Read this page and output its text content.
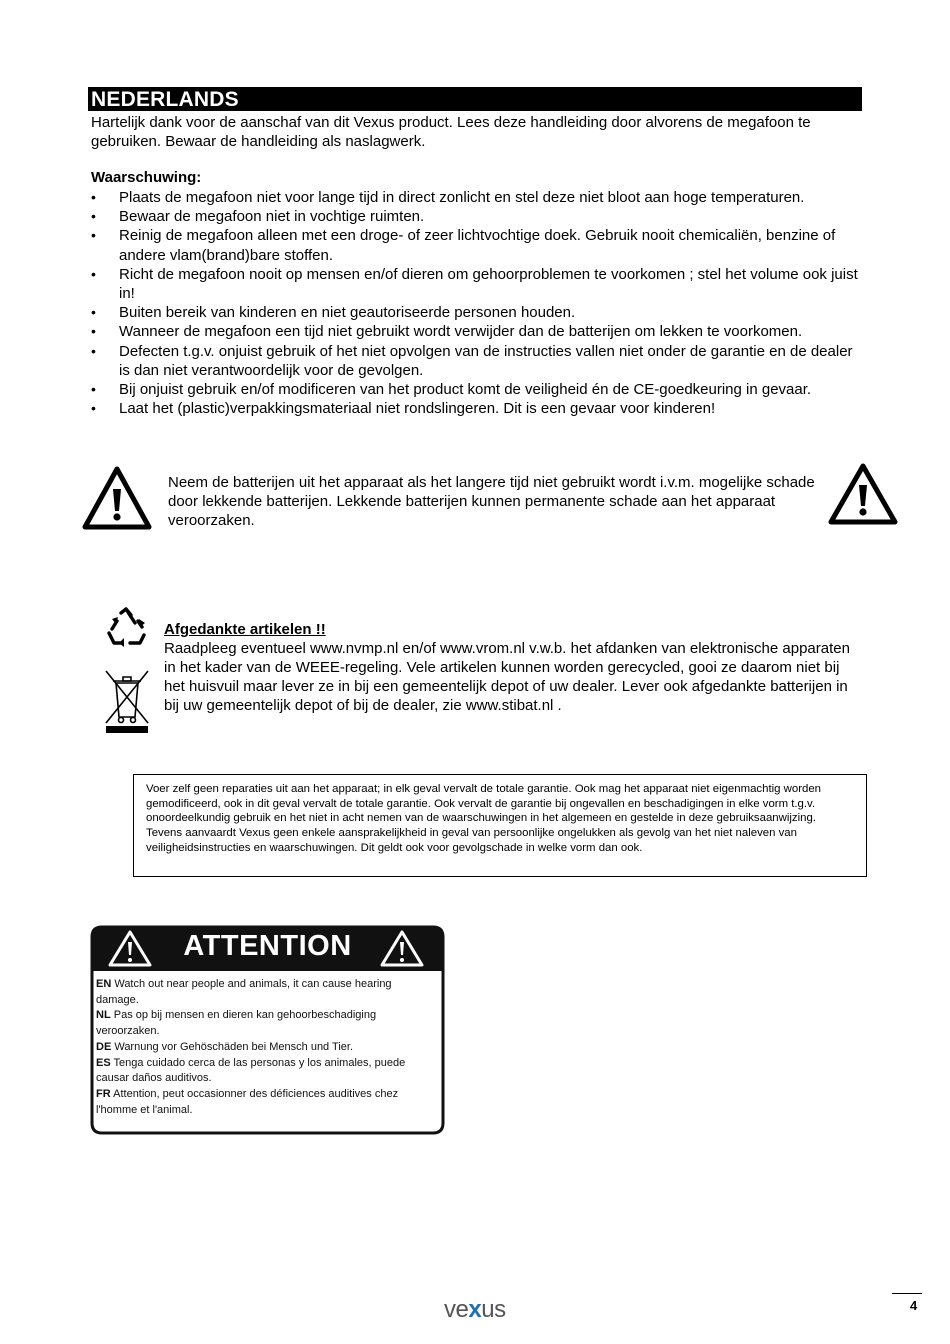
NEDERLANDS
Hartelijk dank voor de aanschaf van dit Vexus product. Lees deze handleiding door alvorens de megafoon te gebruiken. Bewaar de handleiding als naslagwerk.
Waarschuwing:
• Plaats de megafoon niet voor lange tijd in direct zonlicht en stel deze niet bloot aan hoge temperaturen.
• Bewaar de megafoon niet in vochtige ruimten.
• Reinig de megafoon alleen met een droge- of zeer lichtvochtige doek. Gebruik nooit chemicaliën, benzine of andere vlam(brand)bare stoffen.
• Richt de megafoon nooit op mensen en/of dieren om gehoorproblemen te voorkomen ; stel het volume ook juist in!
• Buiten bereik van kinderen en niet geautoriseerde personen houden.
• Wanneer de megafoon een tijd niet gebruikt wordt verwijder dan de batterijen om lekken te voorkomen.
• Defecten t.g.v. onjuist gebruik of het niet opvolgen van de instructies vallen niet onder de garantie en de dealer is dan niet verantwoordelijk voor de gevolgen.
• Bij onjuist gebruik en/of modificeren van het product komt de veiligheid én de CE-goedkeuring in gevaar.
• Laat het (plastic)verpakkingsmateriaal niet rondslingeren. Dit is een gevaar voor kinderen!
Neem de batterijen uit het apparaat als het langere tijd niet gebruikt wordt i.v.m. mogelijke schade door lekkende batterijen. Lekkende batterijen kunnen permanente schade aan het apparaat veroorzaken.
Afgedankte artikelen !!
Raadpleeg eventueel www.nvmp.nl en/of www.vrom.nl v.w.b. het afdanken van elektronische apparaten in het kader van de WEEE-regeling. Vele artikelen kunnen worden gerecycled, gooi ze daarom niet bij het huisvuil maar lever ze in bij een gemeentelijk depot of uw dealer. Lever ook afgedankte batterijen in bij uw gemeentelijk depot of bij de dealer, zie www.stibat.nl .

Voer zelf geen reparaties uit aan het apparaat; in elk geval vervalt de totale garantie. Ook mag het apparaat niet eigenmachtig worden gemodificeerd, ook in dit geval vervalt de totale garantie. Ook vervalt de garantie bij ongevallen en beschadigingen in elke vorm t.g.v. onoordeelkundig gebruik en het niet in acht nemen van de waarschuwingen in het algemeen en gestelde in deze gebruiksaanwijzing. Tevens aanvaardt Vexus geen enkele aansprakelijkheid in geval van persoonlijke ongelukken als gevolg van het niet naleven van veiligheidsinstructies en waarschuwingen. Dit geldt ook voor gevolgschade in welke vorm dan ook.

ATTENTION
EN Watch out near people and animals, it can cause hearing damage.
NL Pas op bij mensen en dieren kan gehoorbeschadiging veroorzaken.
DE Warnung vor Gehöschäden bei Mensch und Tier.
ES Tenga cuidado cerca de las personas y los animales, puede causar daños auditivos.
FR Attention, peut occasionner des déficiences auditives chez l'homme et l'animal.
vexus	4
